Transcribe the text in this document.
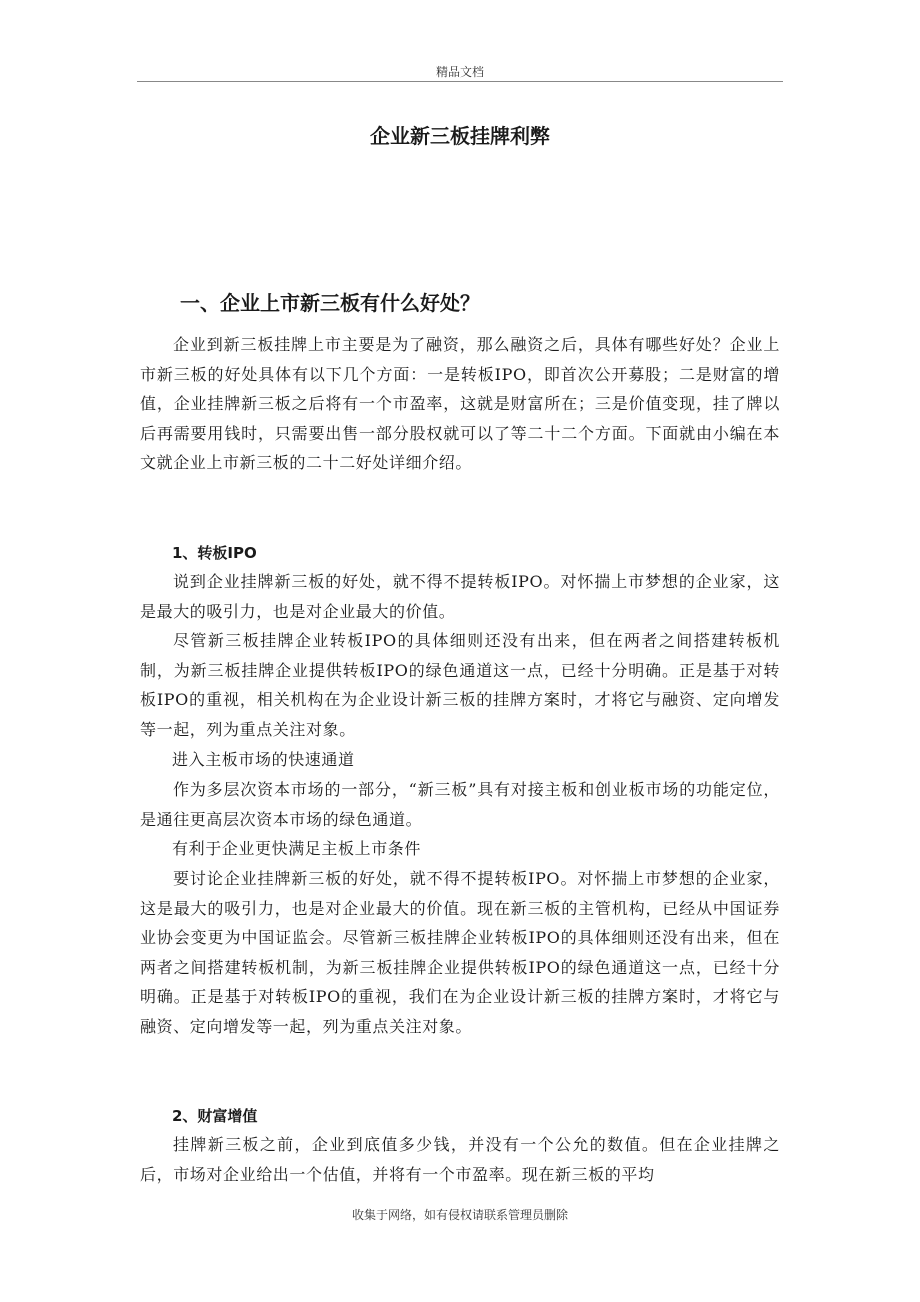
精品文档
企业新三板挂牌利弊
一、企业上市新三板有什么好处？

企业到新三板挂牌上市主要是为了融资，那么融资之后，具体有哪些好处？企业上市新三板的好处具体有以下几个方面：一是转板IPO，即首次公开募股；二是财富的增值，企业挂牌新三板之后将有一个市盈率，这就是财富所在；三是价值变现，挂了牌以后再需要用钱时，只需要出售一部分股权就可以了等二十二个方面。下面就由小编在本文就企业上市新三板的二十二好处详细介绍。

1、转板IPO

说到企业挂牌新三板的好处，就不得不提转板IPO。对怀揣上市梦想的企业家，这是最大的吸引力，也是对企业最大的价值。

尽管新三板挂牌企业转板IPO的具体细则还没有出来，但在两者之间搭建转板机制，为新三板挂牌企业提供转板IPO的绿色通道这一点，已经十分明确。正是基于对转板IPO的重视，相关机构在为企业设计新三板的挂牌方案时，才将它与融资、定向增发等一起，列为重点关注对象。

进入主板市场的快速通道

作为多层次资本市场的一部分，“新三板”具有对接主板和创业板市场的功能定位，是通往更高层次资本市场的绿色通道。

有利于企业更快满足主板上市条件

要讨论企业挂牌新三板的好处，就不得不提转板IPO。对怀揣上市梦想的企业家，这是最大的吸引力，也是对企业最大的价值。现在新三板的主管机构，已经从中国证券业协会变更为中国证监会。尽管新三板挂牌企业转板IPO的具体细则还没有出来，但在两者之间搭建转板机制，为新三板挂牌企业提供转板IPO的绿色通道这一点，已经十分明确。正是基于对转板IPO的重视，我们在为企业设计新三板的挂牌方案时，才将它与融资、定向增发等一起，列为重点关注对象。

2、财富增值

挂牌新三板之前，企业到底值多少钱，并没有一个公允的数值。但在企业挂牌之后，市场对企业给出一个估值，并将有一个市盈率。现在新三板的平均

收集于网络，如有侵权请联系管理员删除
